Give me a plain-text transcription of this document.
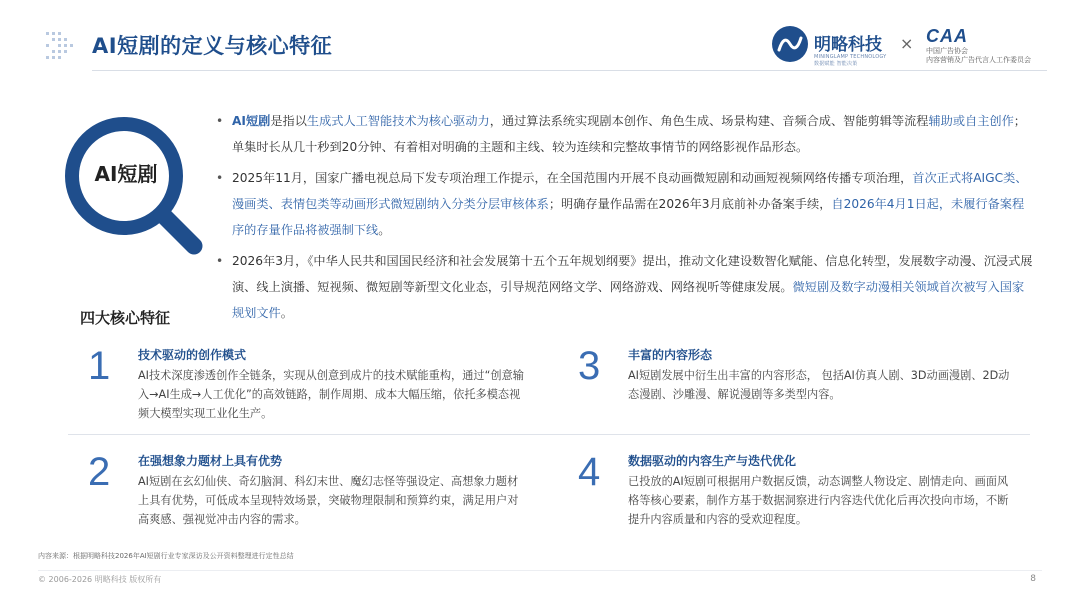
AI短剧的定义与核心特征	明略科技
MININGLAMP TECHNOLOGY 数据赋能 智能决策
× CAA
中国广告协会
内容营销及广告代言人工作委员会
AI短剧
• AI短剧是指以生成式人工智能技术为核心驱动力，通过算法系统实现剧本创作、角色生成、场景构建、音频合成、智能剪辑等流程辅助或自主创作；单集时长从几十秒到20分钟、有着相对明确的主题和主线、较为连续和完整故事情节的网络影视作品形态。
• 2025年11月，国家广播电视总局下发专项治理工作提示，在全国范围内开展不良动画微短剧和动画短视频网络传播专项治理，首次正式将AIGC类、漫画类、表情包类等动画形式微短剧纳入分类分层审核体系；明确存量作品需在2026年3月底前补办备案手续，自2026年4月1日起，未履行备案程序的存量作品将被强制下线。
• 2026年3月，《中华人民共和国国民经济和社会发展第十五个五年规划纲要》提出，推动文化建设数智化赋能、信息化转型，发展数字动漫、沉浸式展演、线上演播、短视频、微短剧等新型文化业态，引导规范网络文学、网络游戏、网络视听等健康发展。微短剧及数字动漫相关领域首次被写入国家规划文件。
四大核心特征
1 技术驱动的创作模式
AI技术深度渗透创作全链条，实现从创意到成片的技术赋能重构，通过“创意输入→AI生成→人工优化”的高效链路，制作周期、成本大幅压缩，依托多模态视频大模型实现工业化生产。
3 丰富的内容形态
AI短剧发展中衍生出丰富的内容形态， 包括AI仿真人剧、3D动画漫剧、2D动态漫剧、沙雕漫、解说漫剧等多类型内容。
2 在强想象力题材上具有优势
AI短剧在玄幻仙侠、奇幻脑洞、科幻末世、魔幻志怪等强设定、高想象力题材上具有优势，可低成本呈现特效场景，突破物理限制和预算约束，满足用户对高爽感、强视觉冲击内容的需求。
4 数据驱动的内容生产与迭代优化
已投放的AI短剧可根据用户数据反馈，动态调整人物设定、剧情走向、画面风格等核心要素，制作方基于数据洞察进行内容迭代优化后再次投向市场，不断提升内容质量和内容的受欢迎程度。
内容来源：根据明略科技2026年AI短剧行业专家深访及公开资料整理进行定性总结
© 2006-2026 明略科技 版权所有	8
